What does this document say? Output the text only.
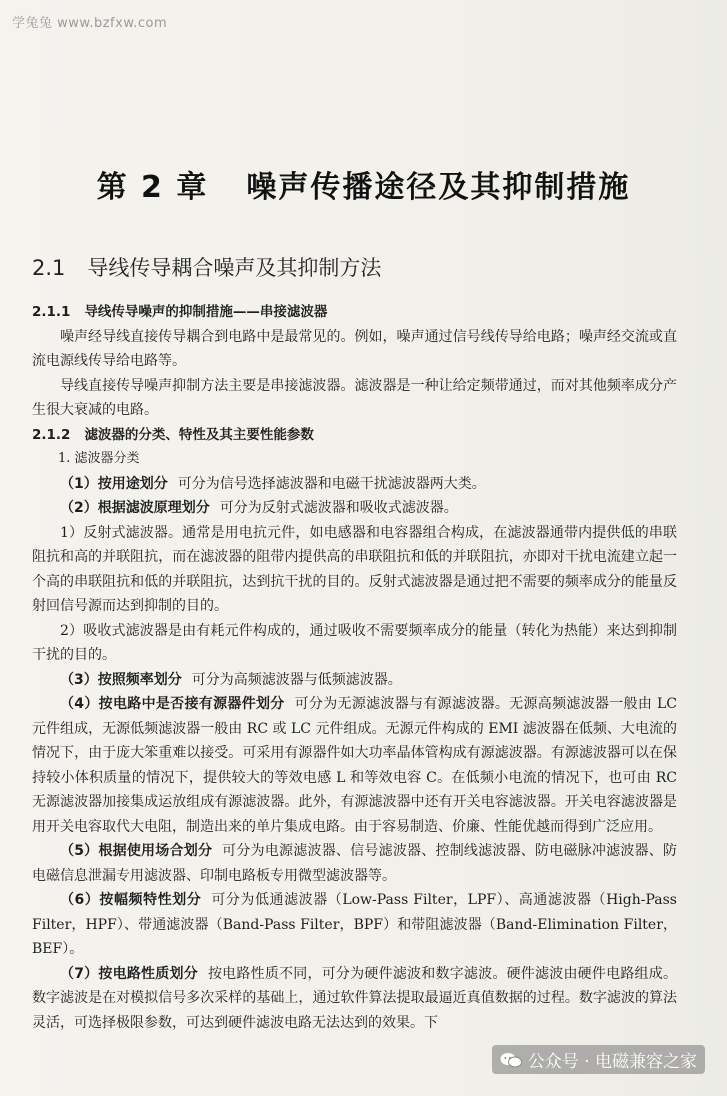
学兔兔 www.bzfxw.com
第 2 章 噪声传播途径及其抑制措施
2.1 导线传导耦合噪声及其抑制方法

2.1.1 导线传导噪声的抑制措施——串接滤波器

噪声经导线直接传导耦合到电路中是最常见的。例如，噪声通过信号线传导给电路；噪声经交流或直流电源线传导给电路等。

导线直接传导噪声抑制方法主要是串接滤波器。滤波器是一种让给定频带通过，而对其他频率成分产生很大衰减的电路。

2.1.2 滤波器的分类、特性及其主要性能参数

1. 滤波器分类

（1）按用途划分 可分为信号选择滤波器和电磁干扰滤波器两大类。

（2）根据滤波原理划分 可分为反射式滤波器和吸收式滤波器。

1）反射式滤波器。通常是用电抗元件，如电感器和电容器组合构成，在滤波器通带内提供低的串联阻抗和高的并联阻抗，而在滤波器的阻带内提供高的串联阻抗和低的并联阻抗，亦即对干扰电流建立起一个高的串联阻抗和低的并联阻抗，达到抗干扰的目的。反射式滤波器是通过把不需要的频率成分的能量反射回信号源而达到抑制的目的。

2）吸收式滤波器是由有耗元件构成的，通过吸收不需要频率成分的能量（转化为热能）来达到抑制干扰的目的。

（3）按照频率划分 可分为高频滤波器与低频滤波器。

（4）按电路中是否接有源器件划分 可分为无源滤波器与有源滤波器。无源高频滤波器一般由 LC 元件组成，无源低频滤波器一般由 RC 或 LC 元件组成。无源元件构成的 EMI 滤波器在低频、大电流的情况下，由于庞大笨重难以接受。可采用有源器件如大功率晶体管构成有源滤波器。有源滤波器可以在保持较小体积质量的情况下，提供较大的等效电感 L 和等效电容 C。在低频小电流的情况下，也可由 RC 无源滤波器加接集成运放组成有源滤波器。此外，有源滤波器中还有开关电容滤波器。开关电容滤波器是用开关电容取代大电阻，制造出来的单片集成电路。由于容易制造、价廉、性能优越而得到广泛应用。

（5）根据使用场合划分 可分为电源滤波器、信号滤波器、控制线滤波器、防电磁脉冲滤波器、防电磁信息泄漏专用滤波器、印制电路板专用微型滤波器等。

（6）按幅频特性划分 可分为低通滤波器（Low-Pass Filter，LPF）、高通滤波器（High-Pass Filter，HPF）、带通滤波器（Band-Pass Filter，BPF）和带阻滤波器（Band-Elimination Filter，BEF）。

（7）按电路性质划分 按电路性质不同，可分为硬件滤波和数字滤波。硬件滤波由硬件电路组成。数字滤波是在对模拟信号多次采样的基础上，通过软件算法提取最逼近真值数据的过程。数字滤波的算法灵活，可选择极限参数，可达到硬件滤波电路无法达到的效果。下

公众号 · 电磁兼容之家
